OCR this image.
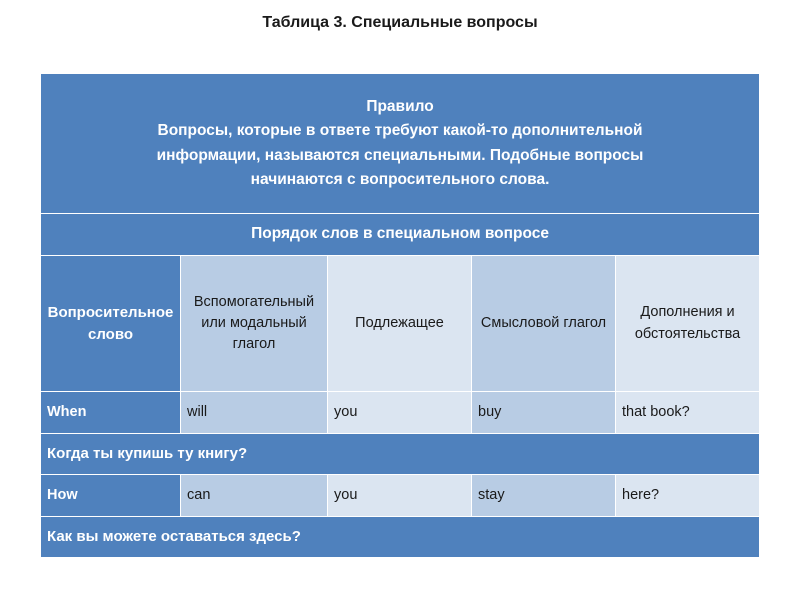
Таблица 3. Специальные вопросы
Правило
Вопросы, которые в ответе требуют какой-то дополнительной
информации, называются специальными. Подобные вопросы
начинаются с вопросительного слова.				

Порядок слов в специальном вопросе				
Вопросительное слово	Вспомогательный или модальный глагол	Подлежащее	Смысловой глагол	Дополнения и обстоятельства
When	will	you	buy	that book?
Когда ты купишь ту книгу?				
How	can	you	stay	here?
Как вы можете оставаться здесь?				
